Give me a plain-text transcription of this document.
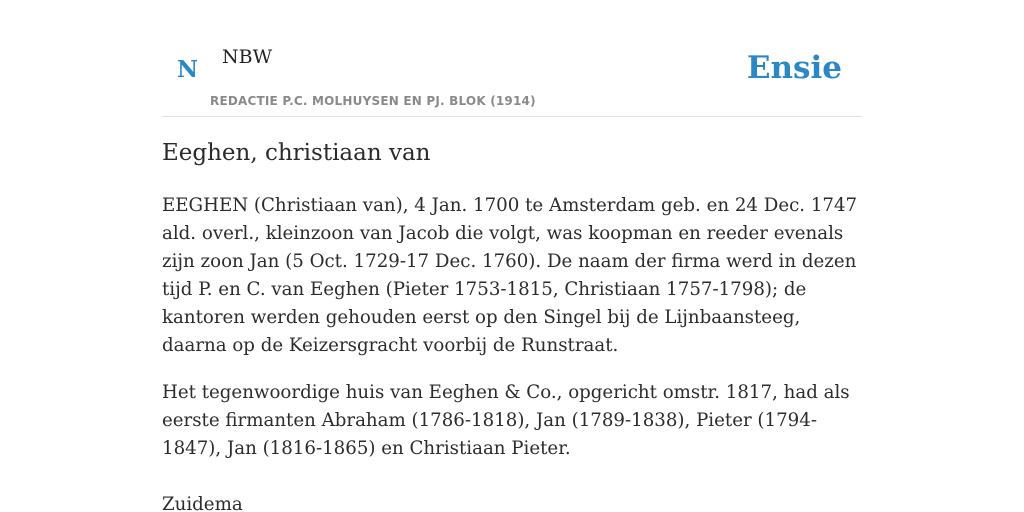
N NBW
REDACTIE P.C. MOLHUYSEN EN PJ. BLOK (1914)
Ensie
Eeghen, christiaan van

EEGHEN (Christiaan van), 4 Jan. 1700 te Amsterdam geb. en 24 Dec. 1747 ald. overl., kleinzoon van Jacob die volgt, was koopman en reeder evenals zijn zoon Jan (5 Oct. 1729-17 Dec. 1760). De naam der firma werd in dezen tijd P. en C. van Eeghen (Pieter 1753-1815, Christiaan 1757-1798); de kantoren werden gehouden eerst op den Singel bij de Lijnbaansteeg, daarna op de Keizersgracht voorbij de Runstraat.

Het tegenwoordige huis van Eeghen & Co., opgericht omstr. 1817, had als eerste firmanten Abraham (1786-1818), Jan (1789-1838), Pieter (1794-1847), Jan (1816-1865) en Christiaan Pieter.

Zuidema
